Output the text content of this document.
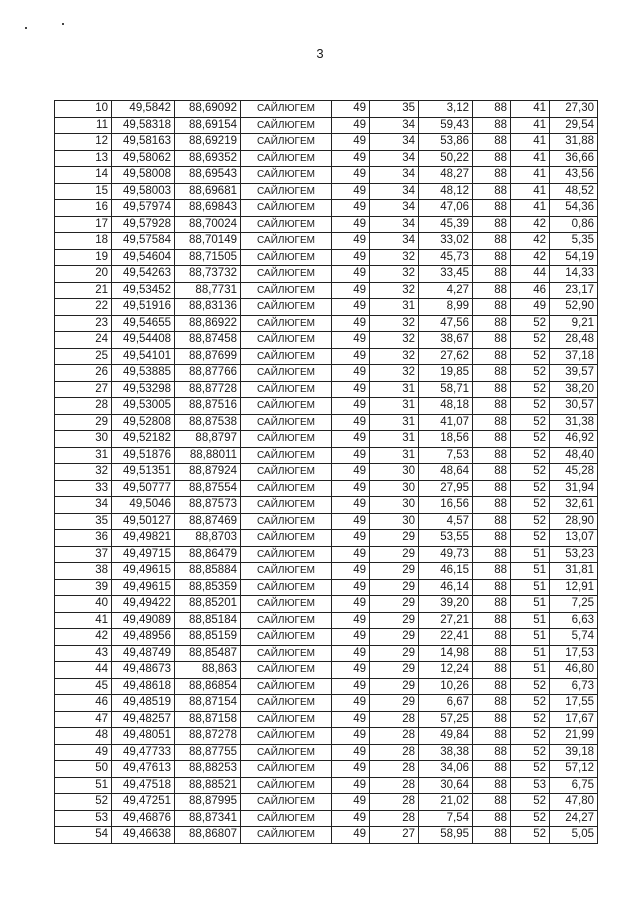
3
10	49,5842	88,69092	САЙЛЮГЕМ	49	35	3,12	88	41	27,30
11	49,58318	88,69154	САЙЛЮГЕМ	49	34	59,43	88	41	29,54
12	49,58163	88,69219	САЙЛЮГЕМ	49	34	53,86	88	41	31,88
13	49,58062	88,69352	САЙЛЮГЕМ	49	34	50,22	88	41	36,66
14	49,58008	88,69543	САЙЛЮГЕМ	49	34	48,27	88	41	43,56
15	49,58003	88,69681	САЙЛЮГЕМ	49	34	48,12	88	41	48,52
16	49,57974	88,69843	САЙЛЮГЕМ	49	34	47,06	88	41	54,36
17	49,57928	88,70024	САЙЛЮГЕМ	49	34	45,39	88	42	0,86
18	49,57584	88,70149	САЙЛЮГЕМ	49	34	33,02	88	42	5,35
19	49,54604	88,71505	САЙЛЮГЕМ	49	32	45,73	88	42	54,19
20	49,54263	88,73732	САЙЛЮГЕМ	49	32	33,45	88	44	14,33
21	49,53452	88,7731	САЙЛЮГЕМ	49	32	4,27	88	46	23,17
22	49,51916	88,83136	САЙЛЮГЕМ	49	31	8,99	88	49	52,90
23	49,54655	88,86922	САЙЛЮГЕМ	49	32	47,56	88	52	9,21
24	49,54408	88,87458	САЙЛЮГЕМ	49	32	38,67	88	52	28,48
25	49,54101	88,87699	САЙЛЮГЕМ	49	32	27,62	88	52	37,18
26	49,53885	88,87766	САЙЛЮГЕМ	49	32	19,85	88	52	39,57
27	49,53298	88,87728	САЙЛЮГЕМ	49	31	58,71	88	52	38,20
28	49,53005	88,87516	САЙЛЮГЕМ	49	31	48,18	88	52	30,57
29	49,52808	88,87538	САЙЛЮГЕМ	49	31	41,07	88	52	31,38
30	49,52182	88,8797	САЙЛЮГЕМ	49	31	18,56	88	52	46,92
31	49,51876	88,88011	САЙЛЮГЕМ	49	31	7,53	88	52	48,40
32	49,51351	88,87924	САЙЛЮГЕМ	49	30	48,64	88	52	45,28
33	49,50777	88,87554	САЙЛЮГЕМ	49	30	27,95	88	52	31,94
34	49,5046	88,87573	САЙЛЮГЕМ	49	30	16,56	88	52	32,61
35	49,50127	88,87469	САЙЛЮГЕМ	49	30	4,57	88	52	28,90
36	49,49821	88,8703	САЙЛЮГЕМ	49	29	53,55	88	52	13,07
37	49,49715	88,86479	САЙЛЮГЕМ	49	29	49,73	88	51	53,23
38	49,49615	88,85884	САЙЛЮГЕМ	49	29	46,15	88	51	31,81
39	49,49615	88,85359	САЙЛЮГЕМ	49	29	46,14	88	51	12,91
40	49,49422	88,85201	САЙЛЮГЕМ	49	29	39,20	88	51	7,25
41	49,49089	88,85184	САЙЛЮГЕМ	49	29	27,21	88	51	6,63
42	49,48956	88,85159	САЙЛЮГЕМ	49	29	22,41	88	51	5,74
43	49,48749	88,85487	САЙЛЮГЕМ	49	29	14,98	88	51	17,53
44	49,48673	88,863	САЙЛЮГЕМ	49	29	12,24	88	51	46,80
45	49,48618	88,86854	САЙЛЮГЕМ	49	29	10,26	88	52	6,73
46	49,48519	88,87154	САЙЛЮГЕМ	49	29	6,67	88	52	17,55
47	49,48257	88,87158	САЙЛЮГЕМ	49	28	57,25	88	52	17,67
48	49,48051	88,87278	САЙЛЮГЕМ	49	28	49,84	88	52	21,99
49	49,47733	88,87755	САЙЛЮГЕМ	49	28	38,38	88	52	39,18
50	49,47613	88,88253	САЙЛЮГЕМ	49	28	34,06	88	52	57,12
51	49,47518	88,88521	САЙЛЮГЕМ	49	28	30,64	88	53	6,75
52	49,47251	88,87995	САЙЛЮГЕМ	49	28	21,02	88	52	47,80
53	49,46876	88,87341	САЙЛЮГЕМ	49	28	7,54	88	52	24,27
54	49,46638	88,86807	САЙЛЮГЕМ	49	27	58,95	88	52	5,05
